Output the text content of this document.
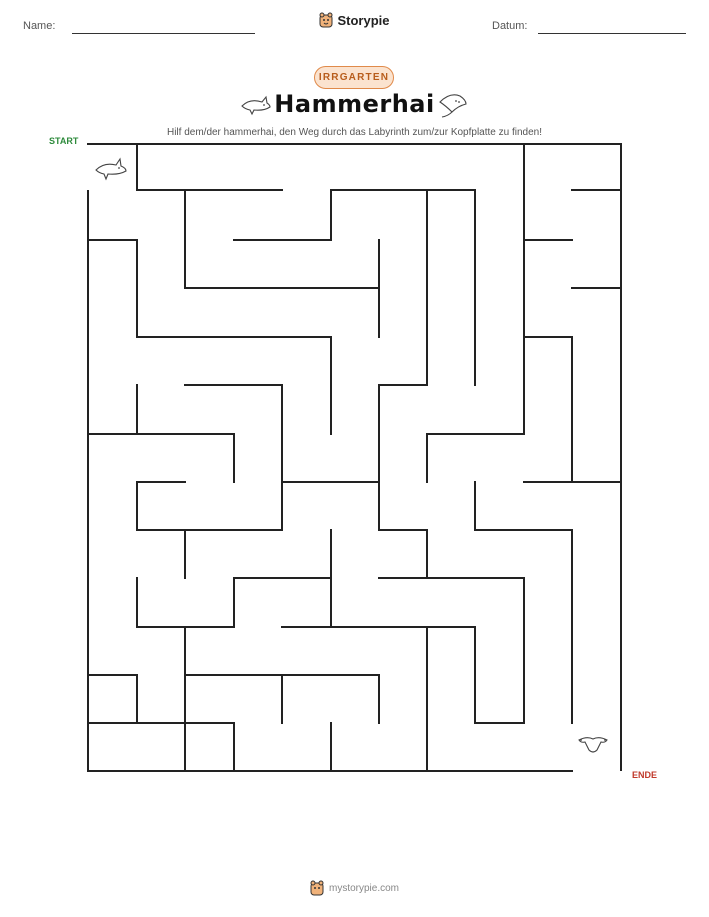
Name:	Storypie	Datum:
IRRGARTEN
Hammerhai
Hilf dem/der hammerhai, den Weg durch das Labyrinth zum/zur Kopfplatte zu finden!
START
ENDE
mystorypie.com
